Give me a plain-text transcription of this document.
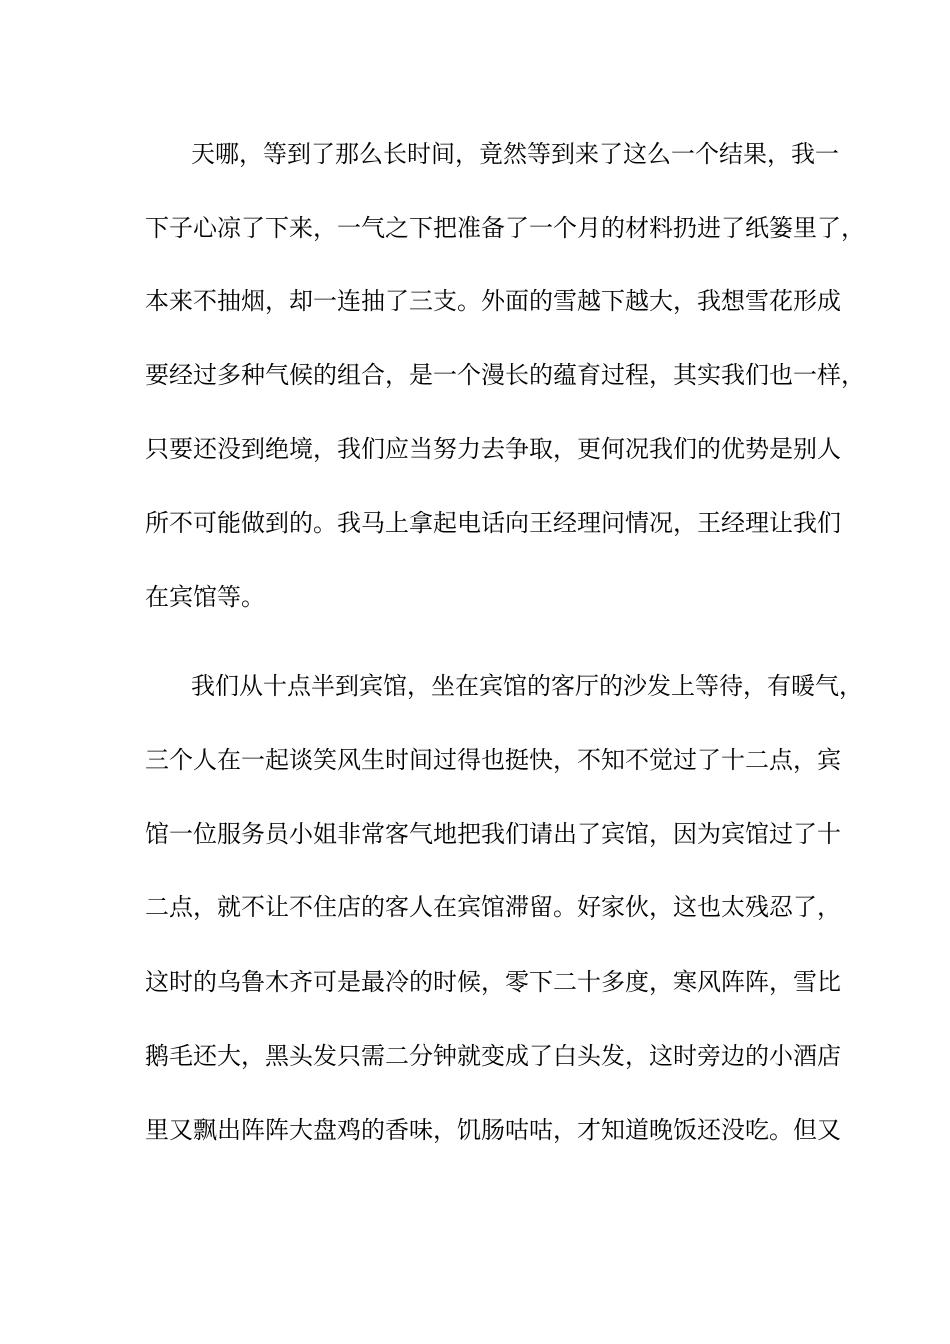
天哪，等到了那么长时间，竟然等到来了这么一个结果，我一
下子心凉了下来，一气之下把准备了一个月的材料扔进了纸篓里了，
本来不抽烟，却一连抽了三支。外面的雪越下越大，我想雪花形成
要经过多种气候的组合，是一个漫长的蕴育过程，其实我们也一样，
只要还没到绝境，我们应当努力去争取，更何况我们的优势是别人
所不可能做到的。我马上拿起电话向王经理问情况，王经理让我们
在宾馆等。
我们从十点半到宾馆，坐在宾馆的客厅的沙发上等待，有暖气，
三个人在一起谈笑风生时间过得也挺快，不知不觉过了十二点，宾
馆一位服务员小姐非常客气地把我们请出了宾馆，因为宾馆过了十
二点，就不让不住店的客人在宾馆滞留。好家伙，这也太残忍了，
这时的乌鲁木齐可是最冷的时候，零下二十多度，寒风阵阵，雪比
鹅毛还大，黑头发只需二分钟就变成了白头发，这时旁边的小酒店
里又飘出阵阵大盘鸡的香味，饥肠咕咕，才知道晚饭还没吃。但又
